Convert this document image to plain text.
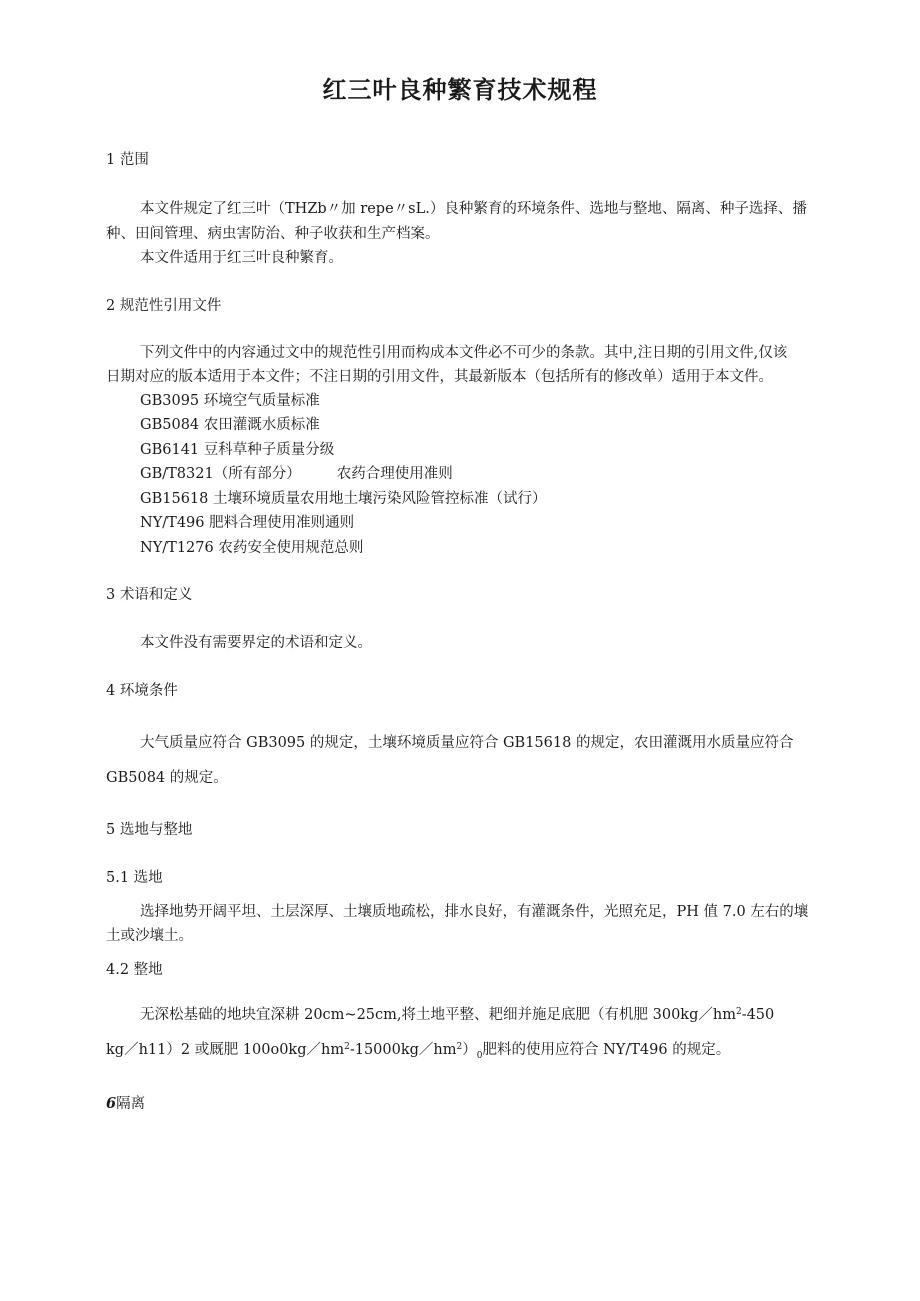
红三叶良种繁育技术规程
1 范围
本文件规定了红三叶（THZb〃加 repe〃sL.）良种繁育的环境条件、选地与整地、隔离、种子选择、播
种、田间管理、病虫害防治、种子收获和生产档案。
本文件适用于红三叶良种繁育。
2 规范性引用文件
下列文件中的内容通过文中的规范性引用而构成本文件必不可少的条款。其中,注日期的引用文件,仅该
日期对应的版本适用于本文件；不注日期的引用文件，其最新版本（包括所有的修改单）适用于本文件。
GB3095 环境空气质量标准
GB5084 农田灌溉水质标准
GB6141 豆科草种子质量分级
GB/T8321（所有部分） 农药合理使用准则
GB15618 土壤环境质量农用地土壤污染风险管控标准（试行）
NY/T496 肥料合理使用准则通则
NY/T1276 农药安全使用规范总则
3 术语和定义
本文件没有需要界定的术语和定义。
4 环境条件
大气质量应符合 GB3095 的规定，土壤环境质量应符合 GB15618 的规定，农田灌溉用水质量应符合
GB5084 的规定。
5 选地与整地
5.1 选地
选择地势开阔平坦、土层深厚、土壤质地疏松，排水良好，有灌溉条件，光照充足，PH 值 7.0 左右的壤
土或沙壤土。
4.2 整地
无深松基础的地块宜深耕 20cm~25cm,将土地平整、耙细并施足底肥（有机肥 $300kg/hm^2-450$
kg／h11）2 或厩肥 $100o0kg/hm^2-15000kg/hm^2)_0$肥料的使用应符合 NY/T496 的规定。
6隔离
